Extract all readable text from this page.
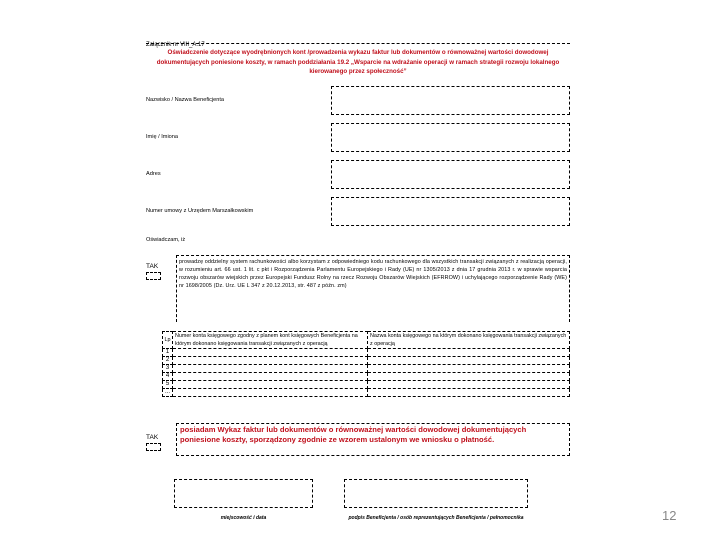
Załącznik nr VIII_A.17
Oświadczenie dotyczące wyodrębnionych kont /prowadzenia wykazu faktur lub dokumentów o równoważnej wartości dowodowej dokumentujących poniesione koszty, w ramach poddziałania 19.2 „Wsparcie na wdrażanie operacji w ramach strategii rozwoju lokalnego kierowanego przez społeczność”
Nazwisko / Nazwa Beneficjenta
Imię / Imiona
Adres
Numer umowy z Urzędem Marszałkowskim
Oświadczam, iż
TAK
prowadzę oddzielny system rachunkowości albo korzystam z odpowiedniego kodu rachunkowego dla wszystkich transakcji związanych z realizacją operacji, w rozumieniu art. 66 ust. 1 lit. c pkt i Rozporządzenia Parlamentu Europejskiego i Rady (UE) nr 1305/2013 z dnia 17 grudnia 2013 r. w sprawie wsparcia rozwoju obszarów wiejskich przez Europejski Fundusz Rolny na rzecz Rozwoju Obszarów Wiejskich (EFRROW) i uchylającego rozporządzenie Rady (WE) nr 1698/2005 (Dz. Urz. UE L 347 z 20.12.2013, str. 487 z późn. zm)
Lp	Numer konta księgowego zgodny z planem kont księgowych Beneficjenta na którym dokonano księgowania transakcji związanych z operacją	Nazwa konta księgowego na którym dokonano księgowania transakcji związanych z operacją
1		
2		
3		
4		
5		
...		
TAK
posiadam Wykaz faktur lub dokumentów o równoważnej wartości dowodowej dokumentujących poniesione koszty, sporządzony zgodnie ze wzorem ustalonym we wniosku o płatność.
miejscowość i data	podpis Beneficjenta / osób reprezentujących Beneficjenta / pełnomocnika	12
